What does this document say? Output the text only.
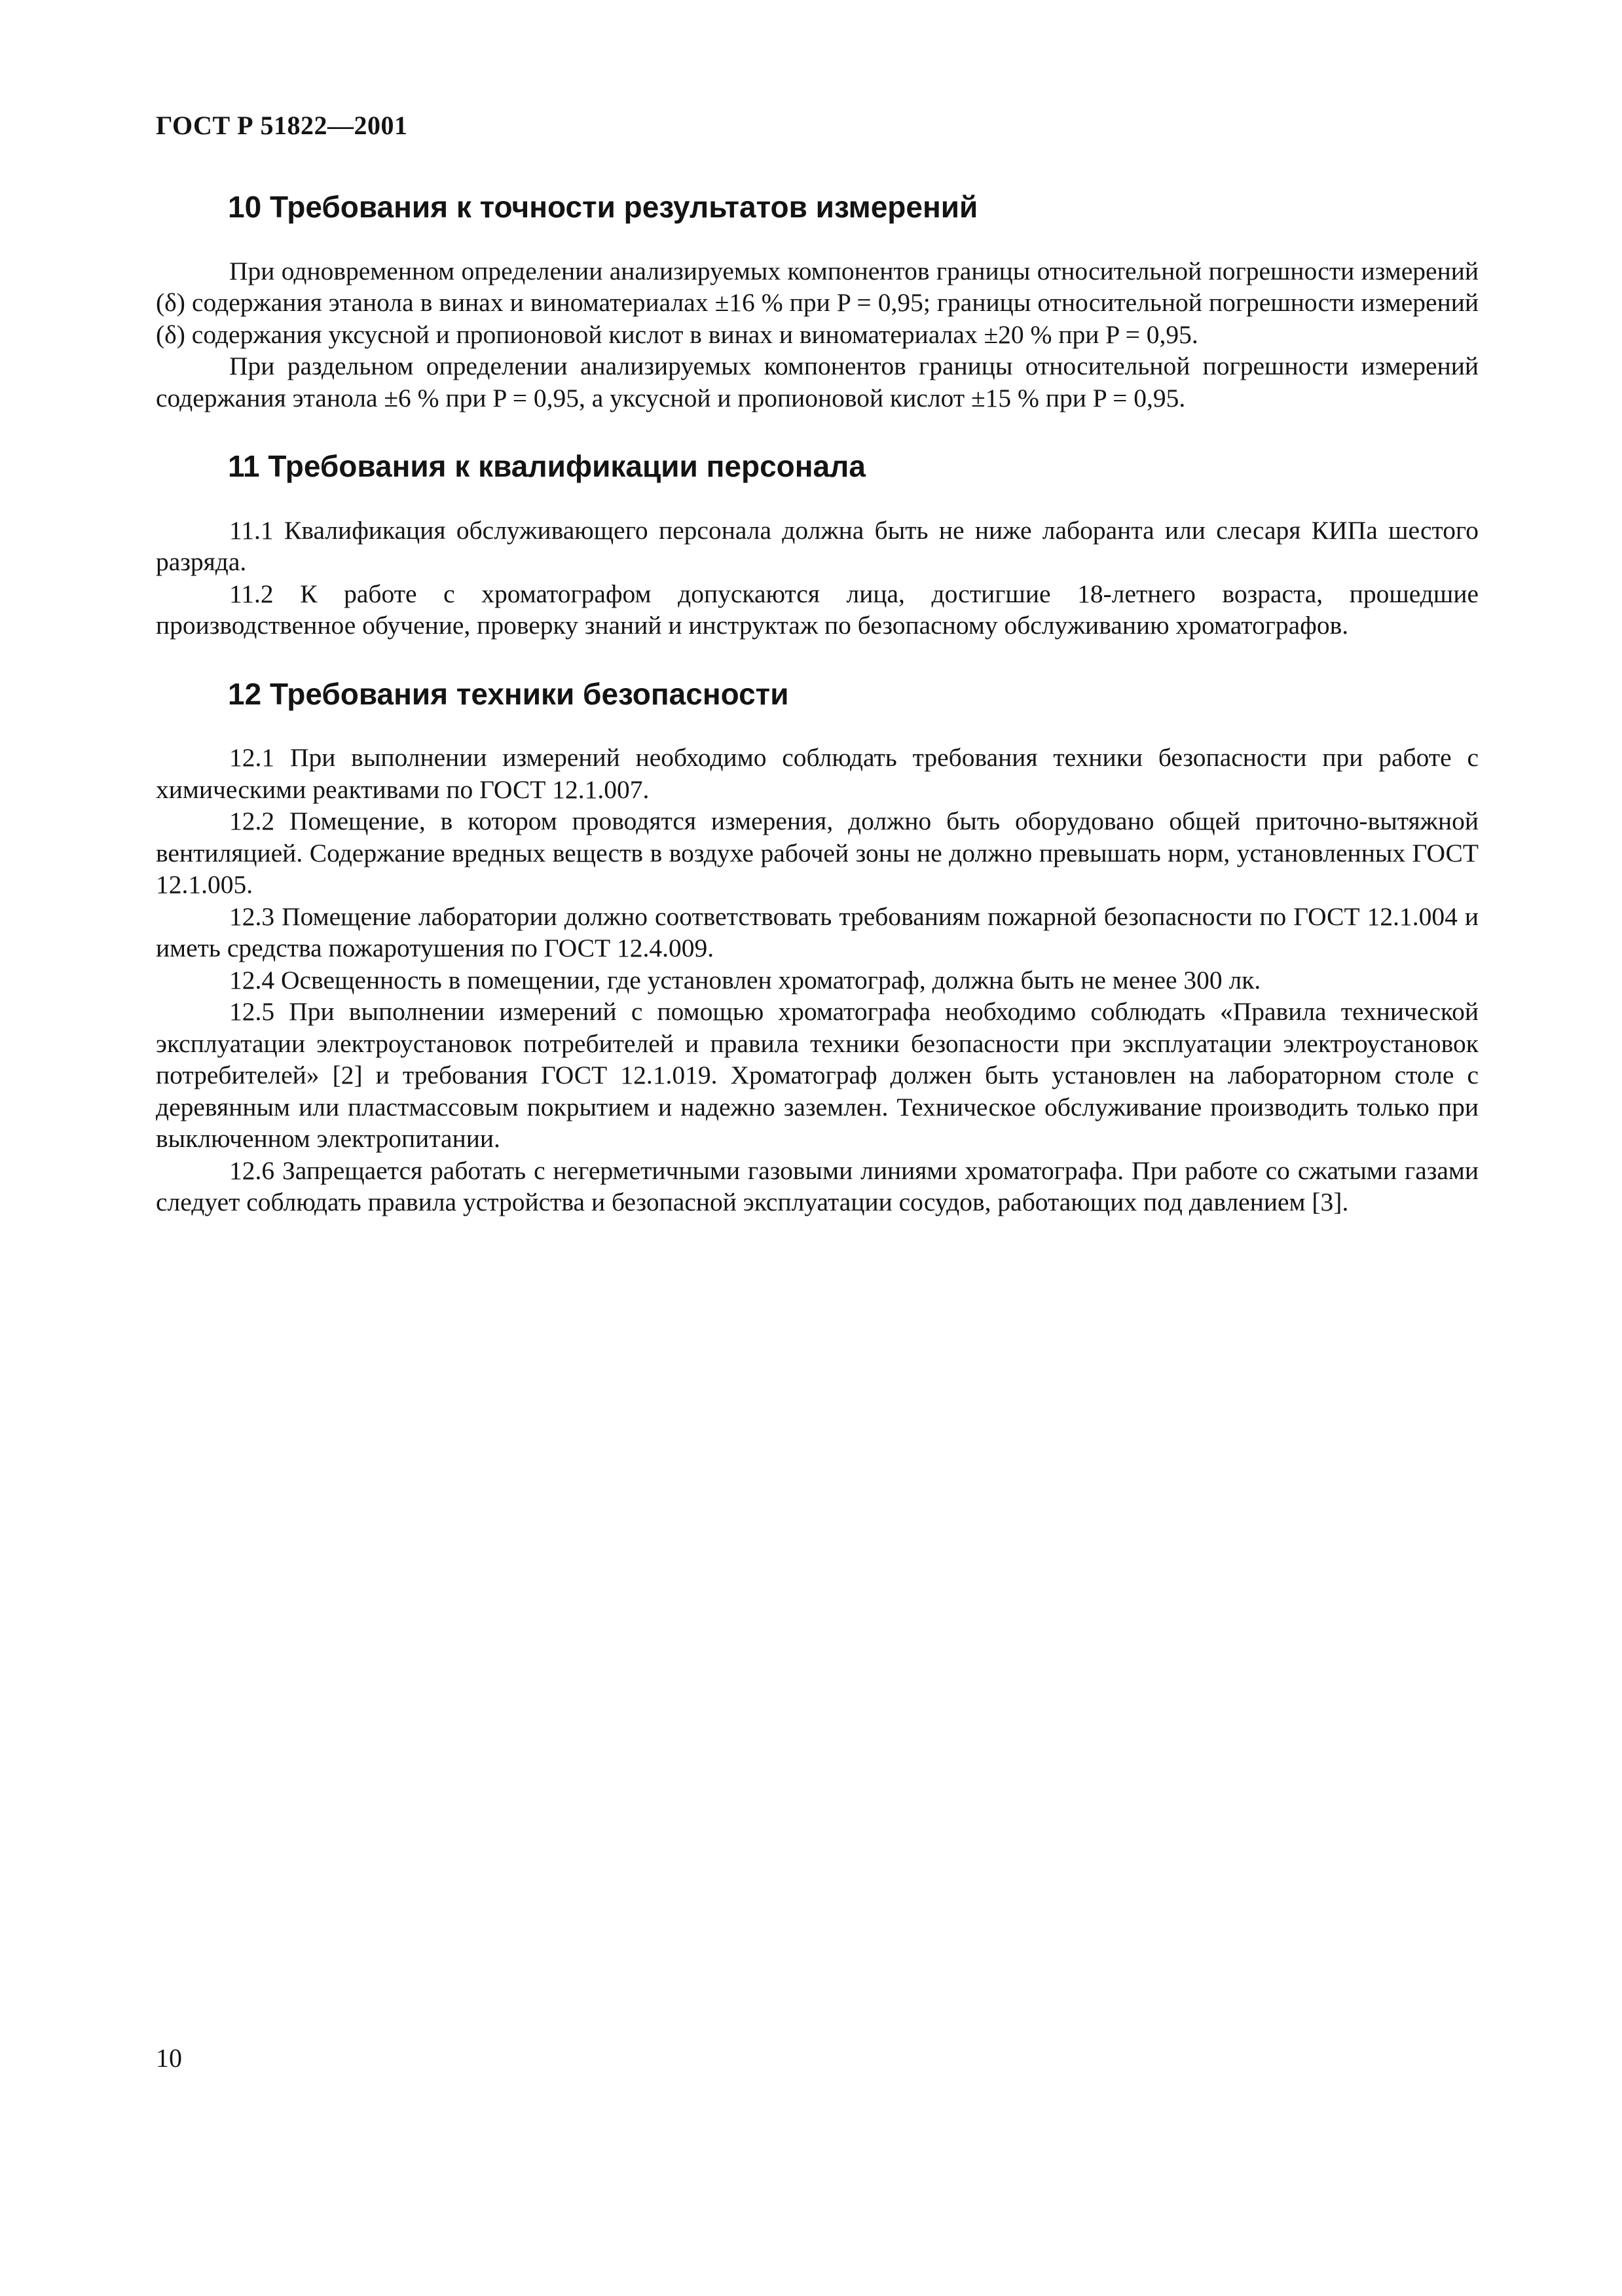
ГОСТ Р 51822—2001
10 Требования к точности результатов измерений

При одновременном определении анализируемых компонентов границы относительной погрешности измерений (δ) содержания этанола в винах и виноматериалах ±16 % при P = 0,95; границы относительной погрешности измерений (δ) содержания уксусной и пропионовой кислот в винах и виноматериалах ±20 % при P = 0,95.

При раздельном определении анализируемых компонентов границы относительной погрешности измерений содержания этанола ±6 % при P = 0,95, а уксусной и пропионовой кислот ±15 % при P = 0,95.

11 Требования к квалификации персонала

11.1 Квалификация обслуживающего персонала должна быть не ниже лаборанта или слесаря КИПа шестого разряда.

11.2 К работе с хроматографом допускаются лица, достигшие 18-летнего возраста, прошедшие производственное обучение, проверку знаний и инструктаж по безопасному обслуживанию хроматографов.

12 Требования техники безопасности

12.1 При выполнении измерений необходимо соблюдать требования техники безопасности при работе с химическими реактивами по ГОСТ 12.1.007.

12.2 Помещение, в котором проводятся измерения, должно быть оборудовано общей приточно-вытяжной вентиляцией. Содержание вредных веществ в воздухе рабочей зоны не должно превышать норм, установленных ГОСТ 12.1.005.

12.3 Помещение лаборатории должно соответствовать требованиям пожарной безопасности по ГОСТ 12.1.004 и иметь средства пожаротушения по ГОСТ 12.4.009.

12.4 Освещенность в помещении, где установлен хроматограф, должна быть не менее 300 лк.

12.5 При выполнении измерений с помощью хроматографа необходимо соблюдать «Правила технической эксплуатации электроустановок потребителей и правила техники безопасности при эксплуатации электроустановок потребителей» [2] и требования ГОСТ 12.1.019. Хроматограф должен быть установлен на лабораторном столе с деревянным или пластмассовым покрытием и надежно заземлен. Техническое обслуживание производить только при выключенном электропитании.

12.6 Запрещается работать с негерметичными газовыми линиями хроматографа. При работе со сжатыми газами следует соблюдать правила устройства и безопасной эксплуатации сосудов, работающих под давлением [3].

10
